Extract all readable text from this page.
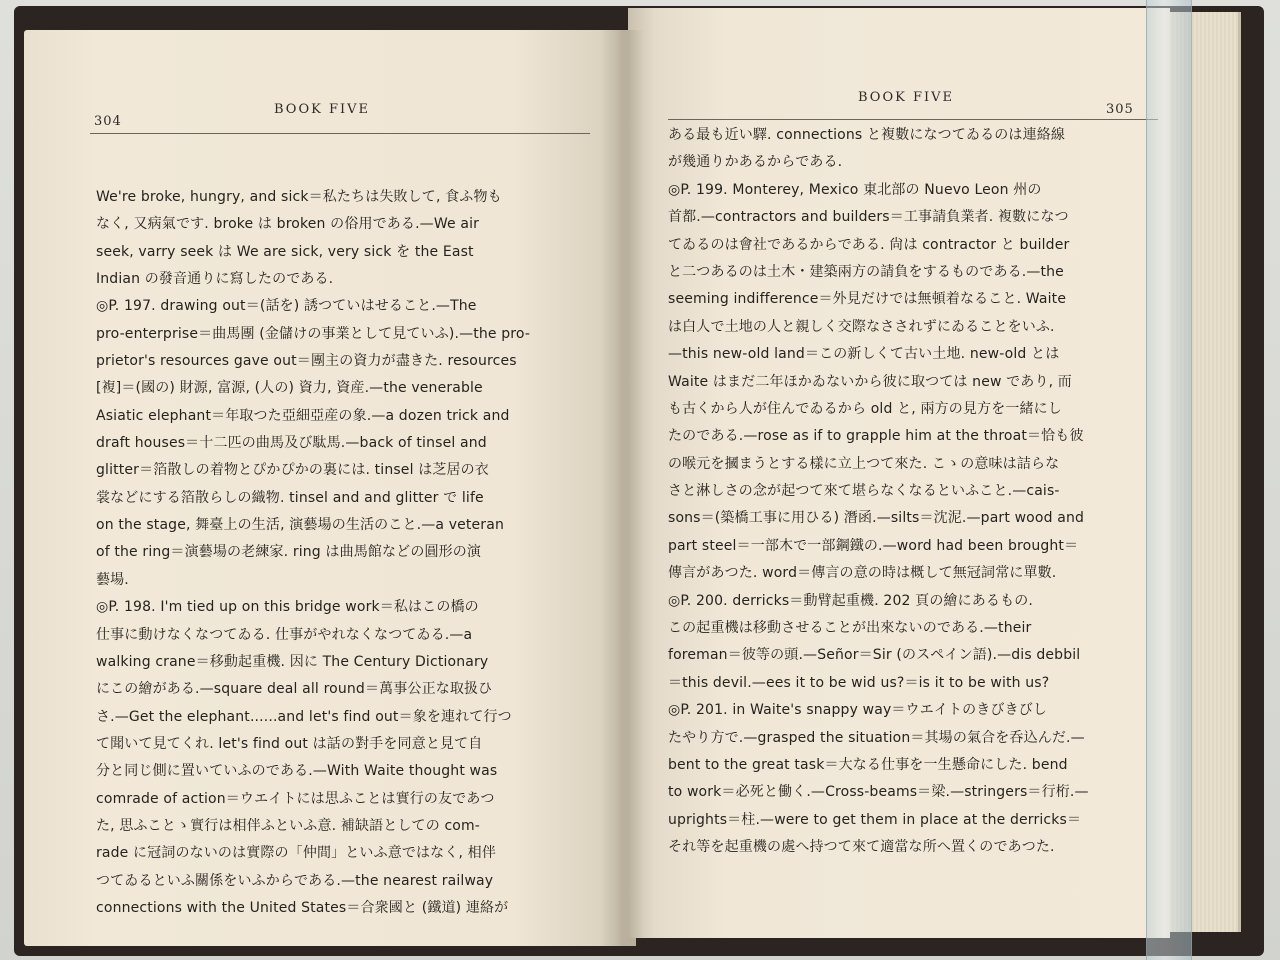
304
BOOK FIVE
We're broke, hungry, and sick＝私たちは失敗して, 食ふ物も
なく, 又病氣です. broke は broken の俗用である.—We air
seek, varry seek は We are sick, very sick を the East
Indian の發音通りに寫したのである.
◎P. 197. drawing out＝(話を) 誘つていはせること.—The
pro-enterprise＝曲馬團 (金儲けの事業として見ていふ).—the pro-
prietor's resources gave out＝團主の資力が盡きた. resources
[複]＝(國の) 財源, 富源, (人の) 資力, 資産.—the venerable
Asiatic elephant＝年取つた亞細亞産の象.—a dozen trick and
draft houses＝十二匹の曲馬及び駄馬.—back of tinsel and
glitter＝箔散しの着物とぴかぴかの裏には. tinsel は芝居の衣
裳などにする箔散らしの織物. tinsel and and glitter で life
on the stage, 舞臺上の生活, 演藝場の生活のこと.—a veteran
of the ring＝演藝場の老練家. ring は曲馬館などの圓形の演
藝場.
◎P. 198. I'm tied up on this bridge work＝私はこの橋の
仕事に動けなくなつてゐる. 仕事がやれなくなつてゐる.—a
walking crane＝移動起重機. 因に The Century Dictionary
にこの繪がある.—square deal all round＝萬事公正な取扱ひ
さ.—Get the elephant......and let's find out＝象を連れて行つ
て聞いて見てくれ. let's find out は話の對手を同意と見て自
分と同じ側に置いていふのである.—With Waite thought was
comrade of action＝ウエイトには思ふことは實行の友であつ
た, 思ふことゝ實行は相伴ふといふ意. 補缺語としての com-
rade に冠詞のないのは實際の「仲間」といふ意ではなく, 相伴
つてゐるといふ關係をいふからである.—the nearest railway
connections with the United States＝合衆國と (鐵道) 連絡が
BOOK FIVE
305
ある最も近い驛. connections と複數になつてゐるのは連絡線
が幾通りかあるからである.
◎P. 199. Monterey, Mexico 東北部の Nuevo Leon 州の
首都.—contractors and builders＝工事請負業者. 複數になつ
てゐるのは會社であるからである. 尙は contractor と builder
と二つあるのは土木・建築兩方の請負をするものである.—the
seeming indifference＝外見だけでは無頓着なること. Waite
は白人で土地の人と親しく交際なさされずにゐることをいふ.
—this new-old land＝この新しくて古い土地. new-old とは
Waite はまだ二年ほかゐないから彼に取つては new であり, 而
も古くから人が住んでゐるから old と, 兩方の見方を一緒にし
たのである.—rose as if to grapple him at the throat＝恰も彼
の喉元を摑まうとする樣に立上つて來た. こゝの意味は詰らな
さと淋しさの念が起つて來て堪らなくなるといふこと.—cais-
sons＝(築橋工事に用ひる) 潛函.—silts＝沈泥.—part wood and
part steel＝一部木で一部鋼鐵の.—word had been brought＝
傳言があつた. word＝傳言の意の時は概して無冠詞常に單數.
◎P. 200. derricks＝動臂起重機. 202 頁の繪にあるもの.
この起重機は移動させることが出來ないのである.—their
foreman＝彼等の頭.—Señor＝Sir (のスペイン語).—dis debbil
＝this devil.—ees it to be wid us?＝is it to be with us?
◎P. 201. in Waite's snappy way＝ウエイトのきびきびし
たやり方で.—grasped the situation＝其場の氣合を呑込んだ.—
bent to the great task＝大なる仕事を一生懸命にした. bend
to work＝必死と働く.—Cross-beams＝梁.—stringers＝行桁.—
uprights＝柱.—were to get them in place at the derricks＝
それ等を起重機の處へ持つて來て適當な所へ置くのであつた.
